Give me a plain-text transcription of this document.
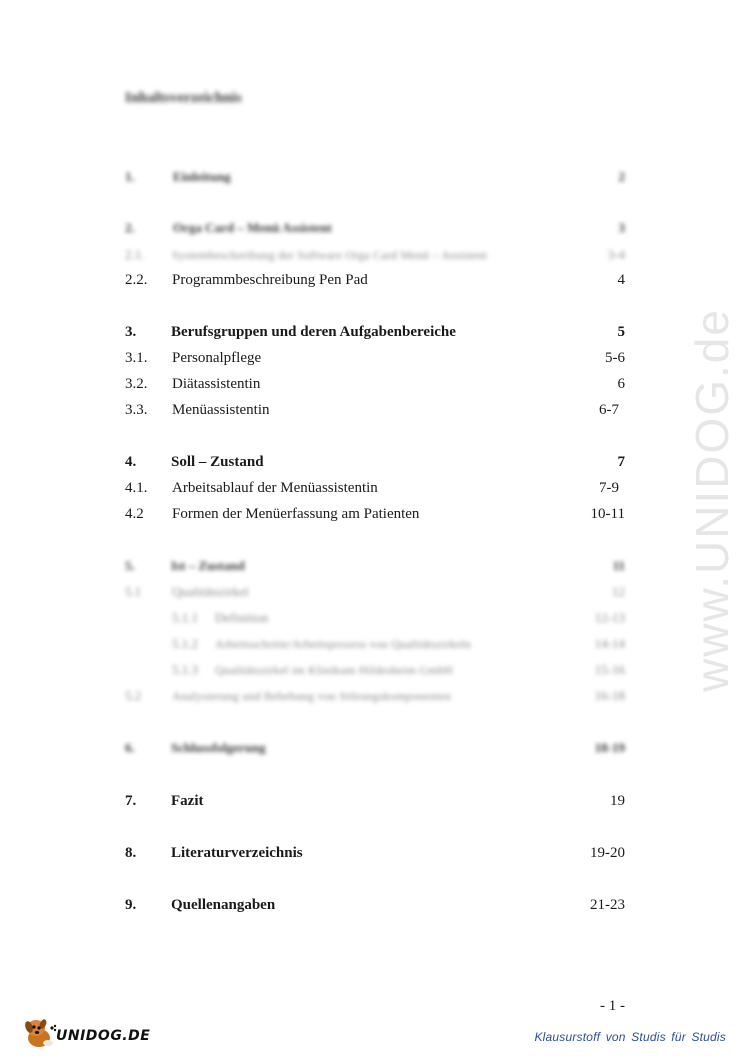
www.UNIDOG.de
Inhaltsverzeichnis
1.	Einleitung	2
2.	Orga Card – Menü Assistent	3
2.1. Systembeschreibung der Software Orga Card Menü – Assistent	3-4
2.2. Programmbeschreibung Pen Pad	4
3. Berufsgruppen und deren Aufgabenbereiche	5
3.1. Personalpflege	5-6
3.2. Diätassistentin	6
3.3. Menüassistentin	6-7
4. Soll – Zustand	7
4.1. Arbeitsablauf der Menüassistentin	7-9
4.2 Formen der Menüerfassung am Patienten	10-11
5.	Ist – Zustand	11
5.1 Qualitätszirkel	12
5.1.1 Definition	12-13
5.1.2 Arbeitsschritte/Arbeitsprozess von Qualitätszirkeln	14-14
5.1.3 Qualitätszirkel im Klinikum Hildesheim GmbH	15-16
5.2	Analysierung und Behebung von Störungskomponenten	16-18
6.	Schlussfolgerung	18-19
7. Fazit	19
8. Literaturverzeichnis	19-20
9. Quellenangaben	21-23
- 1 -
UNIDOG.DE	Klausurstoff von Studis für Studis
